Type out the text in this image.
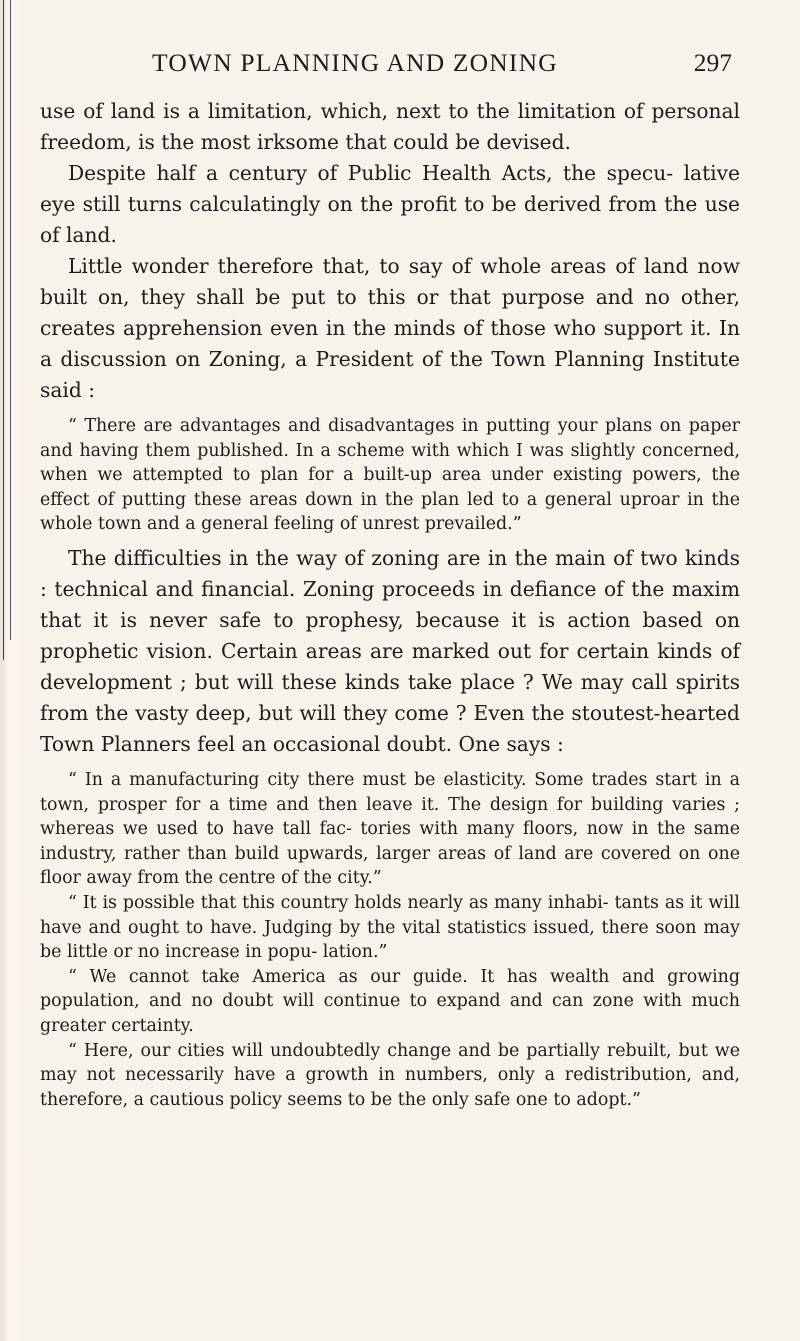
TOWN PLANNING AND ZONING	297

use of land is a limitation, which, next to the limitation of personal freedom, is the most irksome that could be devised.

Despite half a century of Public Health Acts, the specu- lative eye still turns calculatingly on the profit to be derived from the use of land.

Little wonder therefore that, to say of whole areas of land now built on, they shall be put to this or that purpose and no other, creates apprehension even in the minds of those who support it. In a discussion on Zoning, a President of the Town Planning Institute said :

“ There are advantages and disadvantages in putting your plans on paper and having them published. In a scheme with which I was slightly concerned, when we attempted to plan for a built-up area under existing powers, the effect of putting these areas down in the plan led to a general uproar in the whole town and a general feeling of unrest prevailed.”

The difficulties in the way of zoning are in the main of two kinds : technical and financial. Zoning proceeds in defiance of the maxim that it is never safe to prophesy, because it is action based on prophetic vision. Certain areas are marked out for certain kinds of development ; but will these kinds take place ? We may call spirits from the vasty deep, but will they come ? Even the stoutest-hearted Town Planners feel an occasional doubt. One says :

“ In a manufacturing city there must be elasticity. Some trades start in a town, prosper for a time and then leave it. The design for building varies ; whereas we used to have tall fac- tories with many floors, now in the same industry, rather than build upwards, larger areas of land are covered on one floor away from the centre of the city.”

“ It is possible that this country holds nearly as many inhabi- tants as it will have and ought to have. Judging by the vital statistics issued, there soon may be little or no increase in popu- lation.”

“ We cannot take America as our guide. It has wealth and growing population, and no doubt will continue to expand and can zone with much greater certainty.

“ Here, our cities will undoubtedly change and be partially rebuilt, but we may not necessarily have a growth in numbers, only a redistribution, and, therefore, a cautious policy seems to be the only safe one to adopt.”
